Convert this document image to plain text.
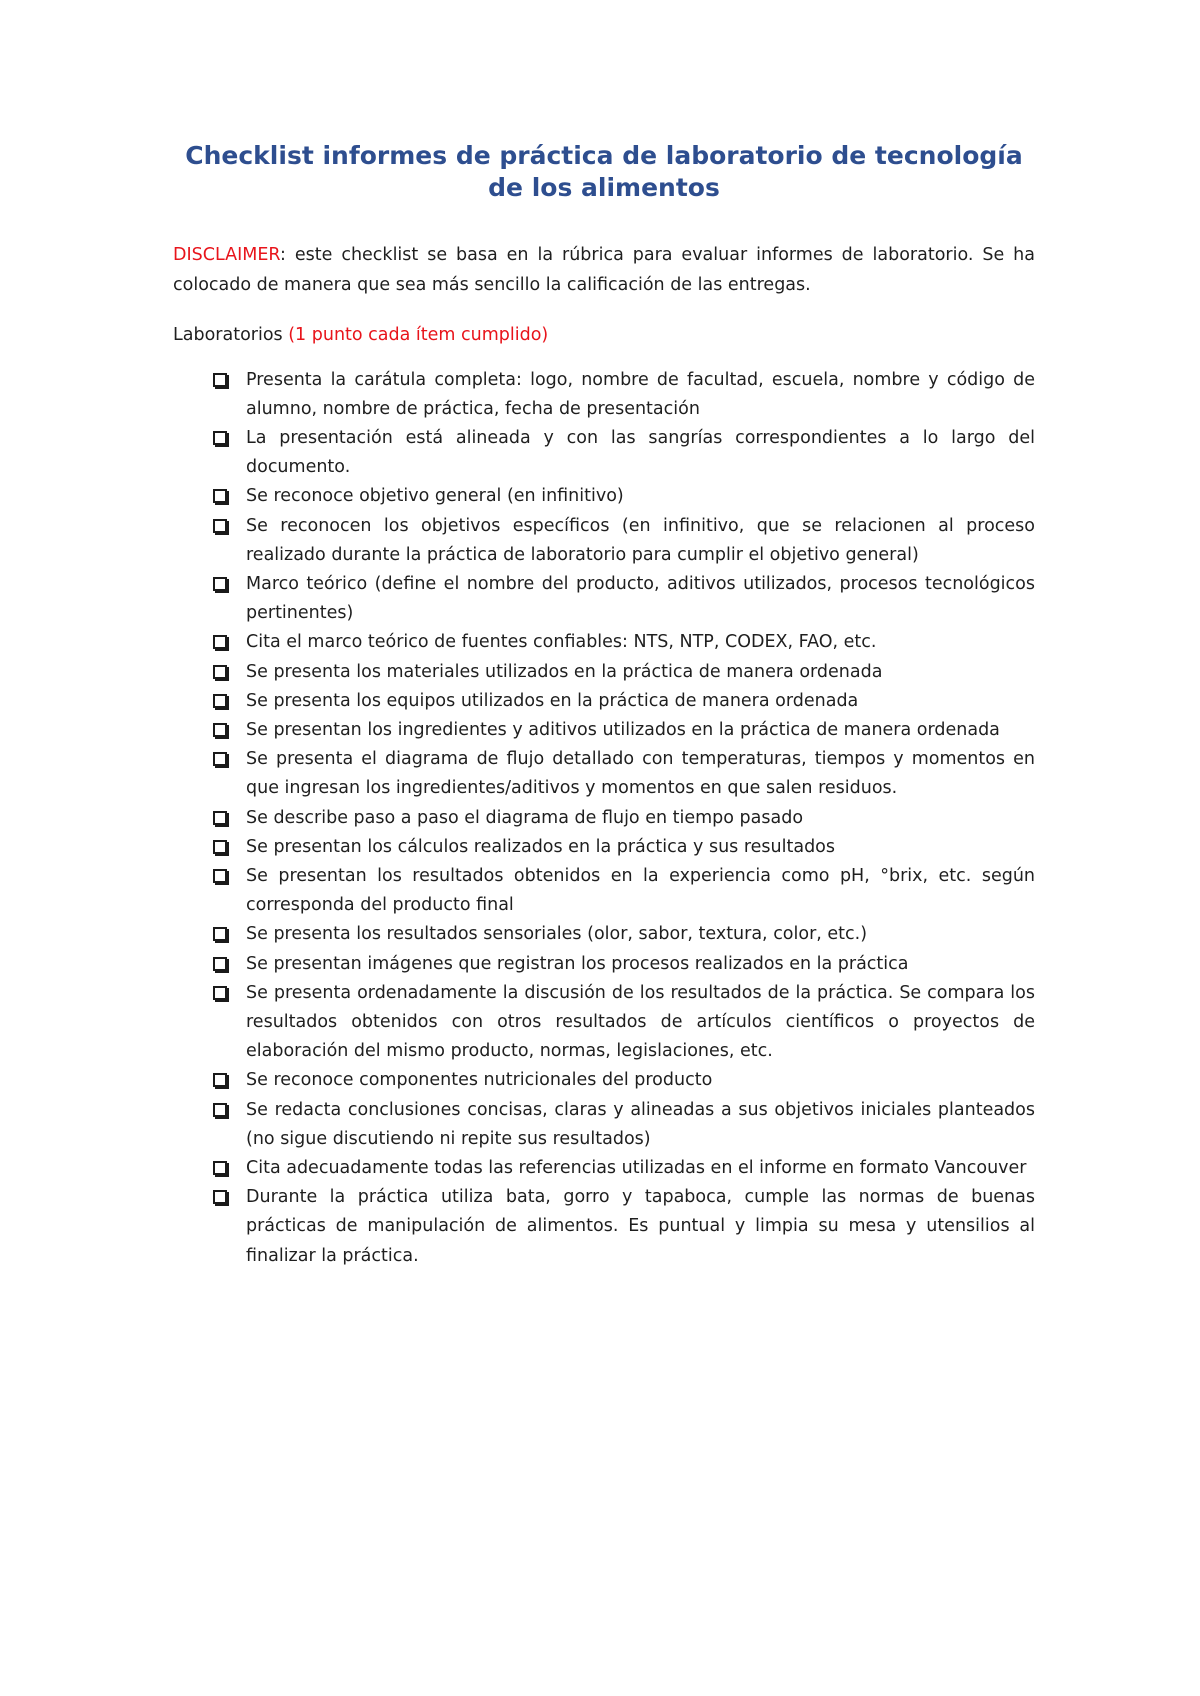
Checklist informes de práctica de laboratorio de tecnología de los alimentos

DISCLAIMER: este checklist se basa en la rúbrica para evaluar informes de laboratorio. Se ha colocado de manera que sea más sencillo la calificación de las entregas.

Laboratorios (1 punto cada ítem cumplido)

Presenta la carátula completa: logo, nombre de facultad, escuela, nombre y código de alumno, nombre de práctica, fecha de presentación
La presentación está alineada y con las sangrías correspondientes a lo largo del documento.
Se reconoce objetivo general (en infinitivo)
Se reconocen los objetivos específicos (en infinitivo, que se relacionen al proceso realizado durante la práctica de laboratorio para cumplir el objetivo general)
Marco teórico (define el nombre del producto, aditivos utilizados, procesos tecnológicos pertinentes)
Cita el marco teórico de fuentes confiables: NTS, NTP, CODEX, FAO, etc.
Se presenta los materiales utilizados en la práctica de manera ordenada
Se presenta los equipos utilizados en la práctica de manera ordenada
Se presentan los ingredientes y aditivos utilizados en la práctica de manera ordenada
Se presenta el diagrama de flujo detallado con temperaturas, tiempos y momentos en que ingresan los ingredientes/aditivos y momentos en que salen residuos.
Se describe paso a paso el diagrama de flujo en tiempo pasado
Se presentan los cálculos realizados en la práctica y sus resultados
Se presentan los resultados obtenidos en la experiencia como pH, °brix, etc. según corresponda del producto final
Se presenta los resultados sensoriales (olor, sabor, textura, color, etc.)
Se presentan imágenes que registran los procesos realizados en la práctica
Se presenta ordenadamente la discusión de los resultados de la práctica. Se compara los resultados obtenidos con otros resultados de artículos científicos o proyectos de elaboración del mismo producto, normas, legislaciones, etc.
Se reconoce componentes nutricionales del producto
Se redacta conclusiones concisas, claras y alineadas a sus objetivos iniciales planteados (no sigue discutiendo ni repite sus resultados)
Cita adecuadamente todas las referencias utilizadas en el informe en formato Vancouver
Durante la práctica utiliza bata, gorro y tapaboca, cumple las normas de buenas prácticas de manipulación de alimentos. Es puntual y limpia su mesa y utensilios al finalizar la práctica.
